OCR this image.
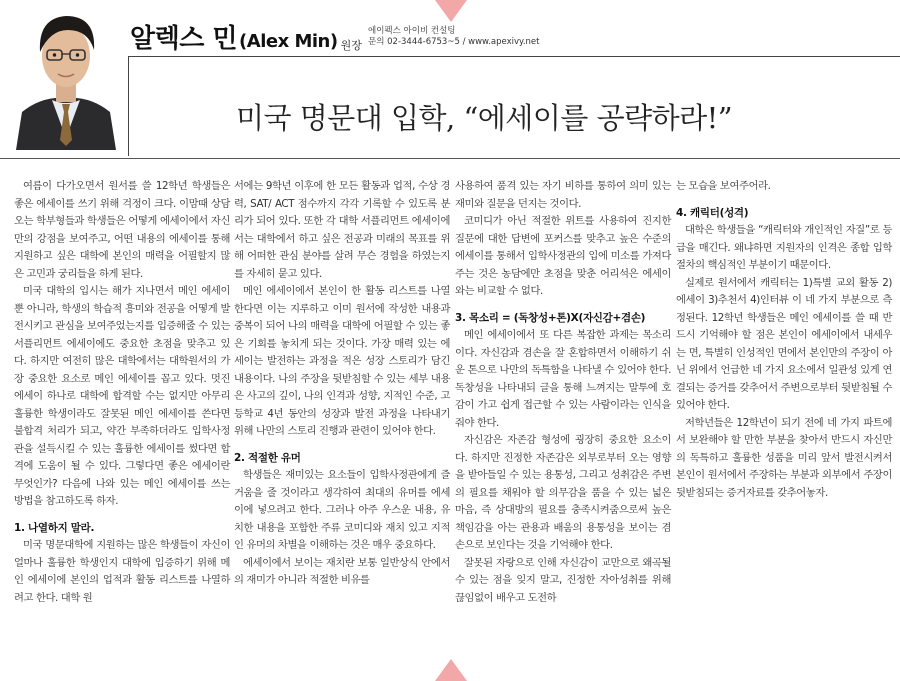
알렉스 민 (Alex Min) 원장
에이펙스 아이비 컨설팅
문의 02-3444-6753~5 / www.apexivy.net
미국 명문대 입학, “에세이를 공략하라!”

여름이 다가오면서 원서를 쓸 12학년 학생들은 좋은 에세이를 쓰기 위해 걱정이 크다. 이맘때 상담 오는 학부형들과 학생들은 어떻게 에세이에서 자신만의 강점을 보여주고, 어떤 내용의 에세이를 통해 지원하고 싶은 대학에 본인의 매력을 어필할지 많은 고민과 궁리들을 하게 된다.

미국 대학의 입시는 해가 지나면서 메인 에세이뿐 아니라, 학생의 학습적 흥미와 전공을 어떻게 발전시키고 관심을 보여주었는지를 입증해줄 수 있는 서플리먼트 에세이에도 중요한 초점을 맞추고 있다. 하지만 여전히 많은 대학에서는 대학원서의 가장 중요한 요소로 메인 에세이를 꼽고 있다. 멋진 에세이 하나로 대학에 합격할 수는 없지만 아무리 훌륭한 학생이라도 잘못된 메인 에세이를 쓴다면 불합격 처리가 되고, 약간 부족하더라도 입학사정관을 설득시킬 수 있는 훌륭한 에세이를 썼다면 합격에 도움이 될 수 있다. 그렇다면 좋은 에세이란 무엇인가? 다음에 나와 있는 메인 에세이를 쓰는 방법을 참고하도록 하자.

1. 나열하지 말라.

미국 명문대학에 지원하는 많은 학생들이 자신이 얼마나 훌륭한 학생인지 대학에 입증하기 위해 메인 에세이에 본인의 업적과 활동 리스트를 나열하려고 한다. 대학 원

서에는 9학년 이후에 한 모든 활동과 업적, 수상 경력, SAT/ ACT 점수까지 각각 기록할 수 있도록 분리가 되어 있다. 또한 각 대학 서플리먼트 에세이에서는 대학에서 하고 싶은 전공과 미래의 목표를 위해 어떠한 관심 분야를 살려 무슨 경험을 하였는지를 자세히 묻고 있다.

메인 에세이에서 본인이 한 활동 리스트를 나열한다면 이는 지루하고 이미 원서에 작성한 내용과 중복이 되어 나의 매력을 대학에 어필할 수 있는 좋은 기회를 놓치게 되는 것이다. 가장 매력 있는 에세이는 발전하는 과정을 적은 성장 스토리가 담긴 내용이다. 나의 주장을 뒷받침할 수 있는 세부 내용은 사고의 깊이, 나의 인격과 성향, 지적인 수준, 고등학교 4년 동안의 성장과 발전 과정을 나타내기 위해 나만의 스토리 진행과 관련이 있어야 한다.

2. 적절한 유머

학생들은 재미있는 요소들이 입학사정관에게 즐거움을 줄 것이라고 생각하여 최대의 유머를 에세이에 넣으려고 한다. 그러나 아주 우스운 내용, 유치한 내용을 포함한 주류 코미디와 재치 있고 지적인 유머의 차별을 이해하는 것은 매우 중요하다.

에세이에서 보이는 재치란 보통 일반상식 안에서의 재미가 아니라 적절한 비유를

사용하여 품격 있는 자기 비하를 통하여 의미 있는 재미와 질문을 던지는 것이다.

코미디가 아닌 적절한 위트를 사용하여 진지한 질문에 대한 답변에 포커스를 맞추고 높은 수준의 에세이를 통해서 입학사정관의 입에 미소를 가져다주는 것은 농담에만 초점을 맞춘 어리석은 에세이와는 비교할 수 없다.

3. 목소리 = (독창성+톤)X(자신감+겸손)

메인 에세이에서 또 다른 복잡한 과제는 목소리이다. 자신감과 겸손을 잘 혼합하면서 이해하기 쉬운 톤으로 나만의 독특함을 나타낼 수 있어야 한다. 독창성을 나타내되 글을 통해 느껴지는 말투에 호감이 가고 쉽게 접근할 수 있는 사람이라는 인식을 줘야 한다.

자신감은 자존감 형성에 굉장히 중요한 요소이다. 하지만 진정한 자존감은 외부로부터 오는 영향을 받아들일 수 있는 용통성, 그리고 성취감은 주변의 필요를 채워야 할 의무감을 품을 수 있는 넓은 마음, 즉 상대방의 필요를 충족시켜줌으로써 높은 책임감을 아는 관용과 배움의 용통성을 보이는 겸손으로 보인다는 것을 기억해야 한다.

잘못된 자랑으로 인해 자신감이 교만으로 왜곡될 수 있는 점을 잊지 말고, 진정한 자아성취를 위해 끊임없이 배우고 도전하

는 모습을 보여주어라.

4. 캐릭터(성격)

대학은 학생들을 “캐릭터와 개인적인 자질”로 등급을 매긴다. 왜냐하면 지원자의 인격은 종합 입학 절차의 핵심적인 부분이기 때문이다.

실제로 원서에서 캐릭터는 1)특별 교외 활동 2)에세이 3)추천서 4)인터뷰 이 네 가지 부분으로 측정된다. 12학년 학생들은 메인 에세이를 쓸 때 반드시 기억해야 할 점은 본인이 에세이에서 내세우는 면, 특별히 인성적인 면에서 본인만의 주장이 아닌 위에서 언급한 네 가지 요소에서 일관성 있게 연결되는 증거를 갖추어서 주변으로부터 뒷받침될 수 있어야 한다.

저학년들은 12학년이 되기 전에 네 가지 파트에서 보완해야 할 만한 부분을 찾아서 반드시 자신만의 독특하고 훌륭한 성품을 미리 앞서 발전시켜서 본인이 원서에서 주장하는 부분과 외부에서 주장이 뒷받침되는 증거자료를 갖추어놓자.
